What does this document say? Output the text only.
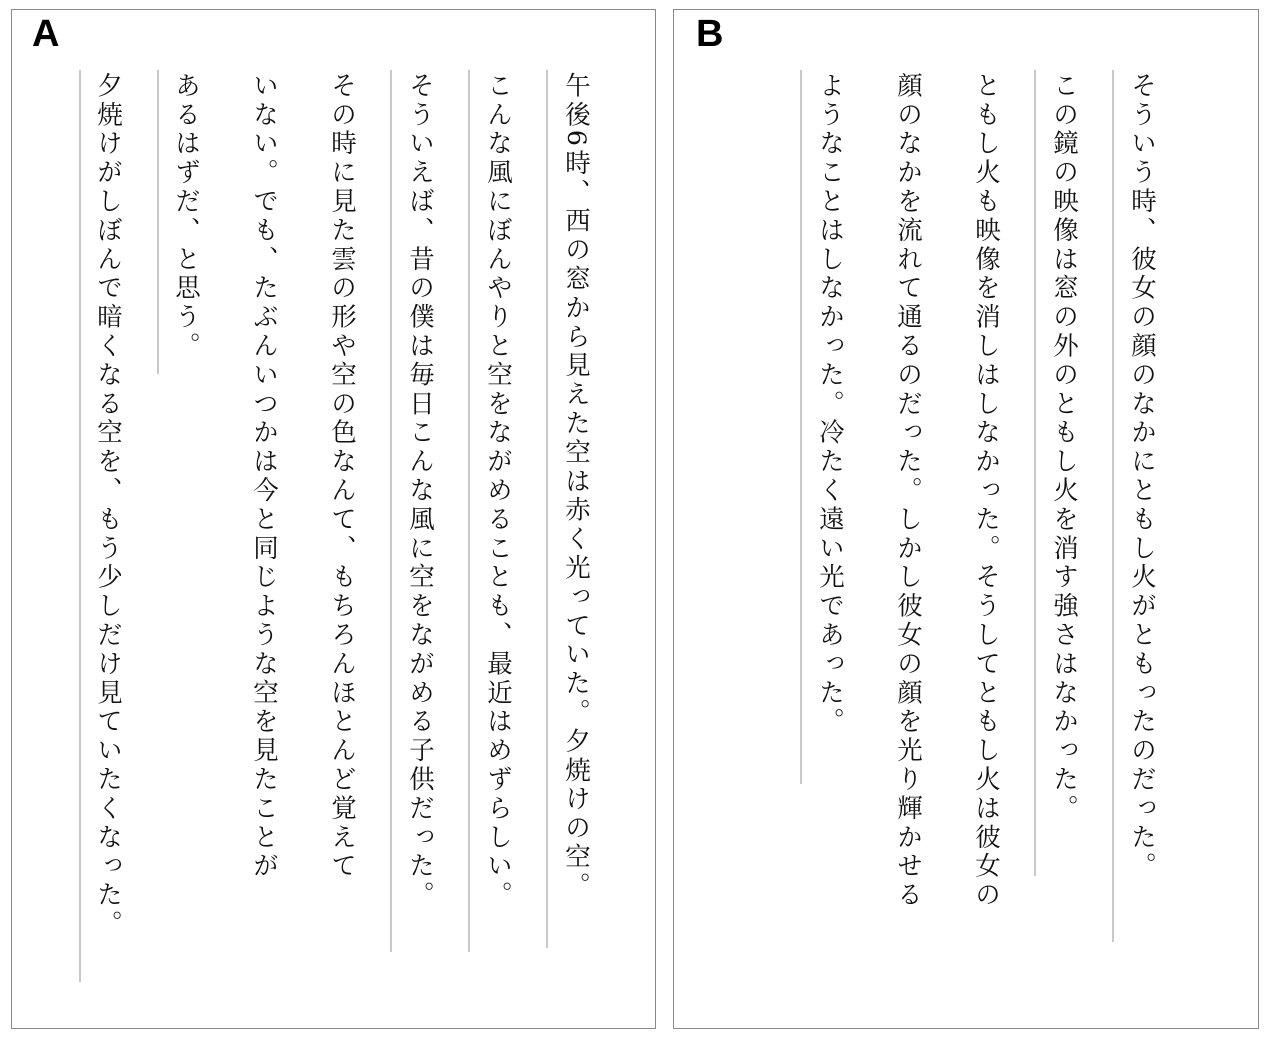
A
午後6時、西の窓から見えた空は赤く光っていた。夕焼けの空。
こんな風にぼんやりと空をながめることも、最近はめずらしい。
そういえば、昔の僕は毎日こんな風に空をながめる子供だった。
その時に見た雲の形や空の色なんて、もちろんほとんど覚えて
いない。でも、たぶんいつかは今と同じような空を見たことが
あるはずだ、と思う。
夕焼けがしぼんで暗くなる空を、もう少しだけ見ていたくなった。
B
そういう時、彼女の顔のなかにともし火がともったのだった。
この鏡の映像は窓の外のともし火を消す強さはなかった。
ともし火も映像を消しはしなかった。そうしてともし火は彼女の
顔のなかを流れて通るのだった。しかし彼女の顔を光り輝かせる
ようなことはしなかった。冷たく遠い光であった。
